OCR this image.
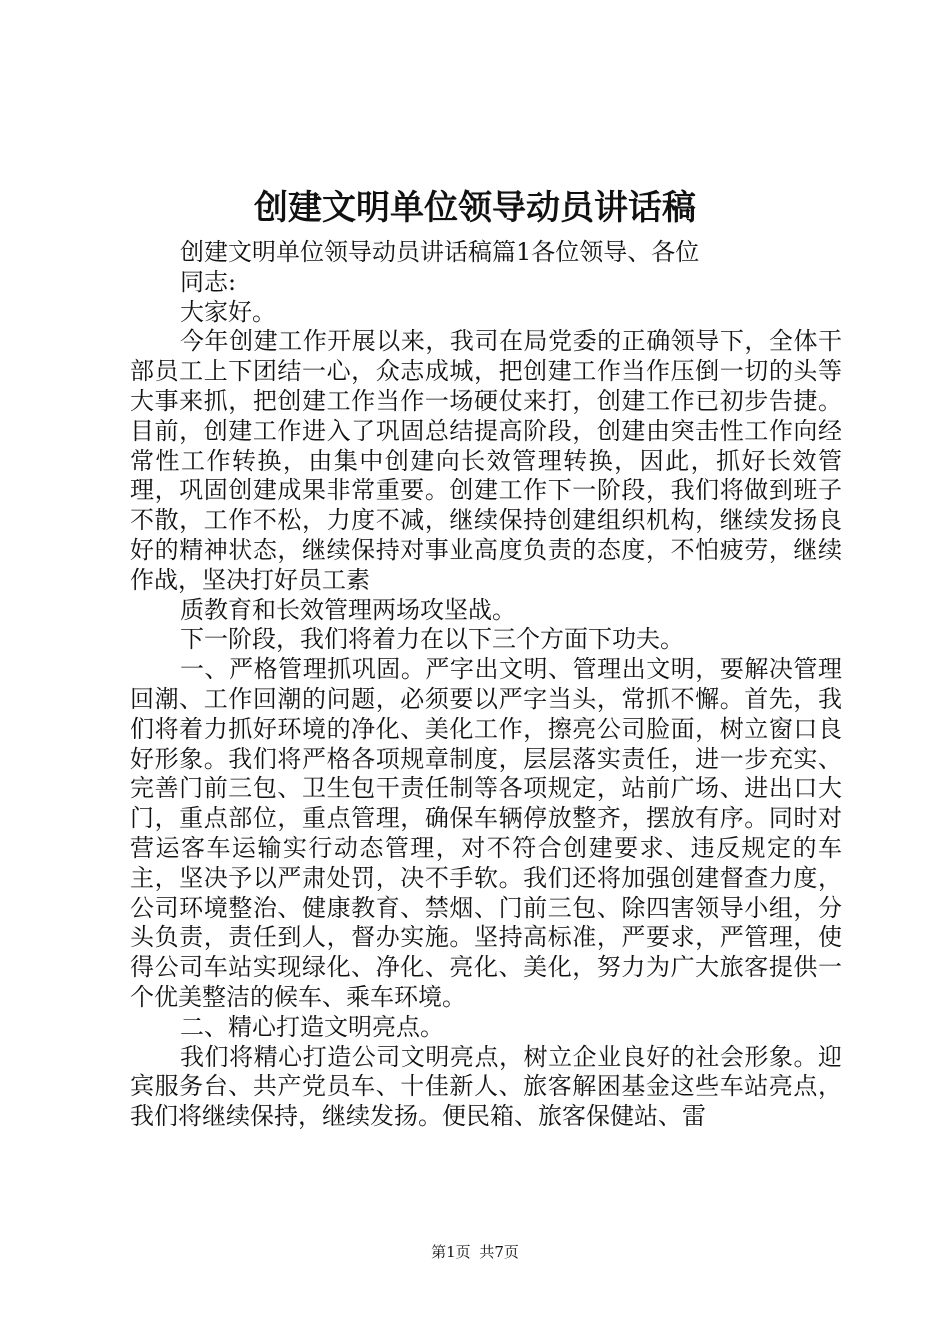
创建文明单位领导动员讲话稿

创建文明单位领导动员讲话稿篇1各位领导、各位

同志:

大家好。

今年创建工作开展以来，我司在局党委的正确领导下，全体干部员工上下团结一心，众志成城，把创建工作当作压倒一切的头等大事来抓，把创建工作当作一场硬仗来打，创建工作已初步告捷。目前，创建工作进入了巩固总结提高阶段，创建由突击性工作向经常性工作转换，由集中创建向长效管理转换，因此，抓好长效管理，巩固创建成果非常重要。创建工作下一阶段，我们将做到班子不散，工作不松，力度不减，继续保持创建组织机构，继续发扬良好的精神状态，继续保持对事业高度负责的态度，不怕疲劳，继续作战，坚决打好员工素

质教育和长效管理两场攻坚战。

下一阶段，我们将着力在以下三个方面下功夫。

一、严格管理抓巩固。严字出文明、管理出文明，要解决管理回潮、工作回潮的问题，必须要以严字当头，常抓不懈。首先，我们将着力抓好环境的净化、美化工作，擦亮公司脸面，树立窗口良好形象。我们将严格各项规章制度，层层落实责任，进一步充实、完善门前三包、卫生包干责任制等各项规定，站前广场、进出口大门，重点部位，重点管理，确保车辆停放整齐，摆放有序。同时对营运客车运输实行动态管理，对不符合创建要求、违反规定的车主，坚决予以严肃处罚，决不手软。我们还将加强创建督查力度，公司环境整治、健康教育、禁烟、门前三包、除四害领导小组，分头负责，责任到人，督办实施。坚持高标准，严要求，严管理，使得公司车站实现绿化、净化、亮化、美化，努力为广大旅客提供一个优美整洁的候车、乘车环境。

二、精心打造文明亮点。

我们将精心打造公司文明亮点，树立企业良好的社会形象。迎宾服务台、共产党员车、十佳新人、旅客解困基金这些车站亮点，我们将继续保持，继续发扬。便民箱、旅客保健站、雷

第1页 共7页
